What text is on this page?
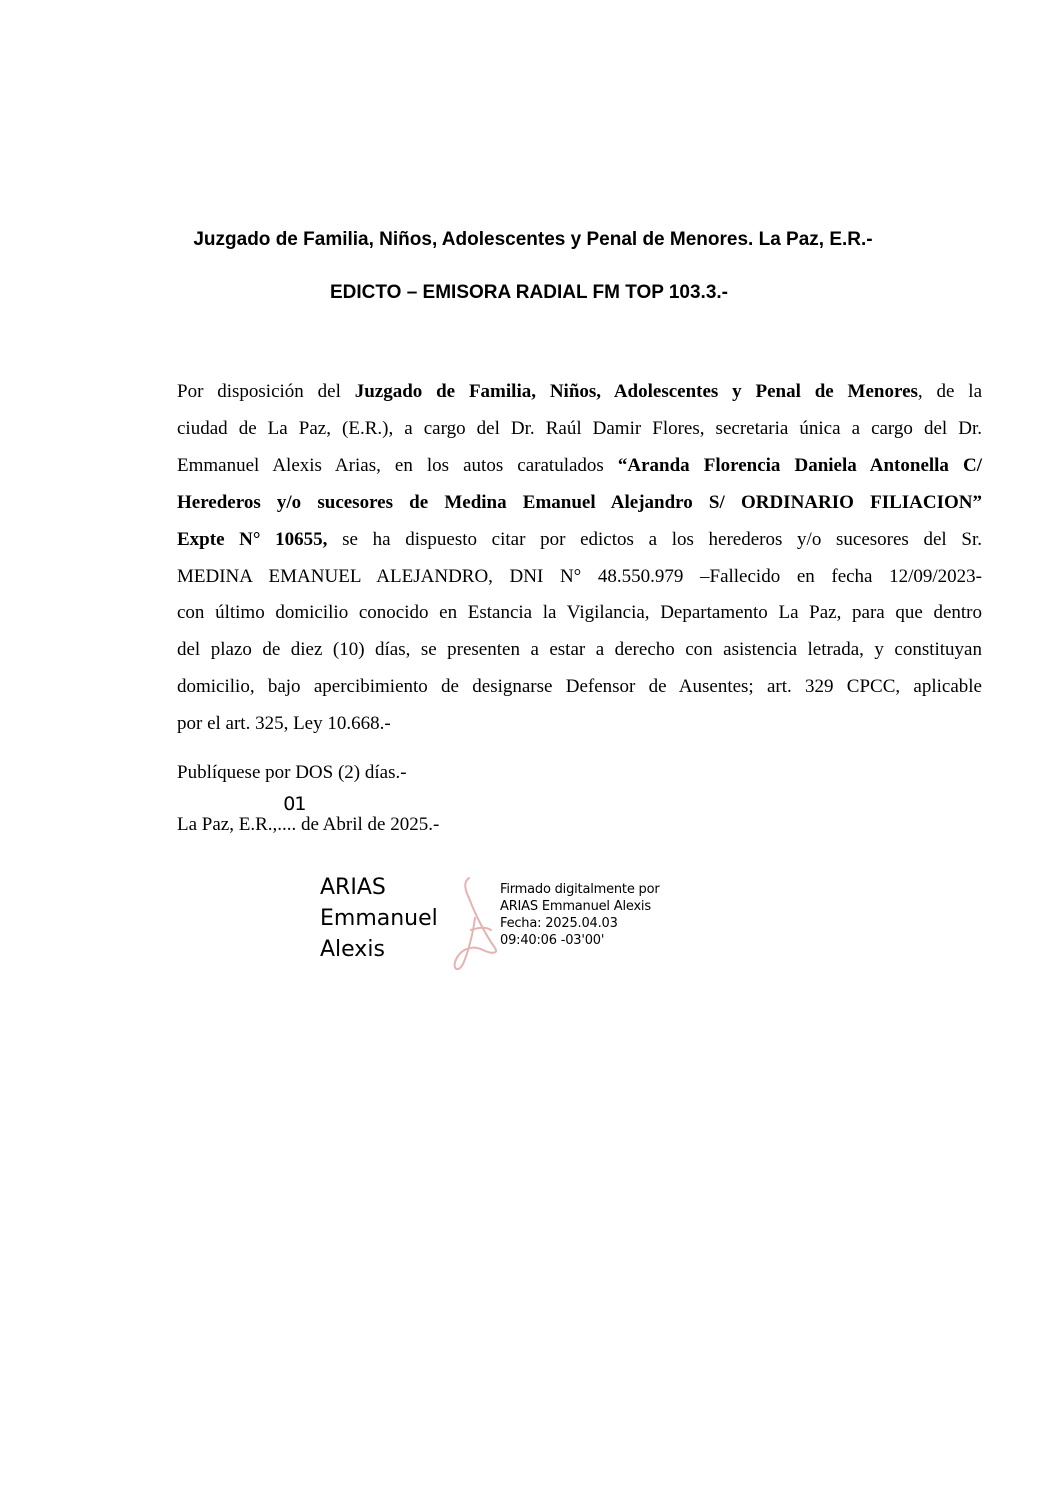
Juzgado de Familia, Niños, Adolescentes y Penal de Menores. La Paz, E.R.-
EDICTO – EMISORA RADIAL FM TOP 103.3.-
Por disposición del Juzgado de Familia, Niños, Adolescentes y Penal de Menores, de la
ciudad de La Paz, (E.R.), a cargo del Dr. Raúl Damir Flores, secretaria única a cargo del Dr.
Emmanuel Alexis Arias, en los autos caratulados “Aranda Florencia Daniela Antonella C/
Herederos y/o sucesores de Medina Emanuel Alejandro S/ ORDINARIO FILIACION”
Expte N° 10655, se ha dispuesto citar por edictos a los herederos y/o sucesores del Sr.
MEDINA EMANUEL ALEJANDRO, DNI N° 48.550.979 –Fallecido en fecha 12/09/2023-
con último domicilio conocido en Estancia la Vigilancia, Departamento La Paz, para que dentro
del plazo de diez (10) días, se presenten a estar a derecho con asistencia letrada, y constituyan
domicilio, bajo apercibimiento de designarse Defensor de Ausentes; art. 329 CPCC, aplicable
por el art. 325, Ley 10.668.-

Publíquese por DOS (2) días.-

La Paz, E.R.,....
01
de Abril de 2025.-

ARIAS
Emmanuel
Alexis
Firmado digitalmente por
ARIAS Emmanuel Alexis
Fecha: 2025.04.03
09:40:06 -03'00'
